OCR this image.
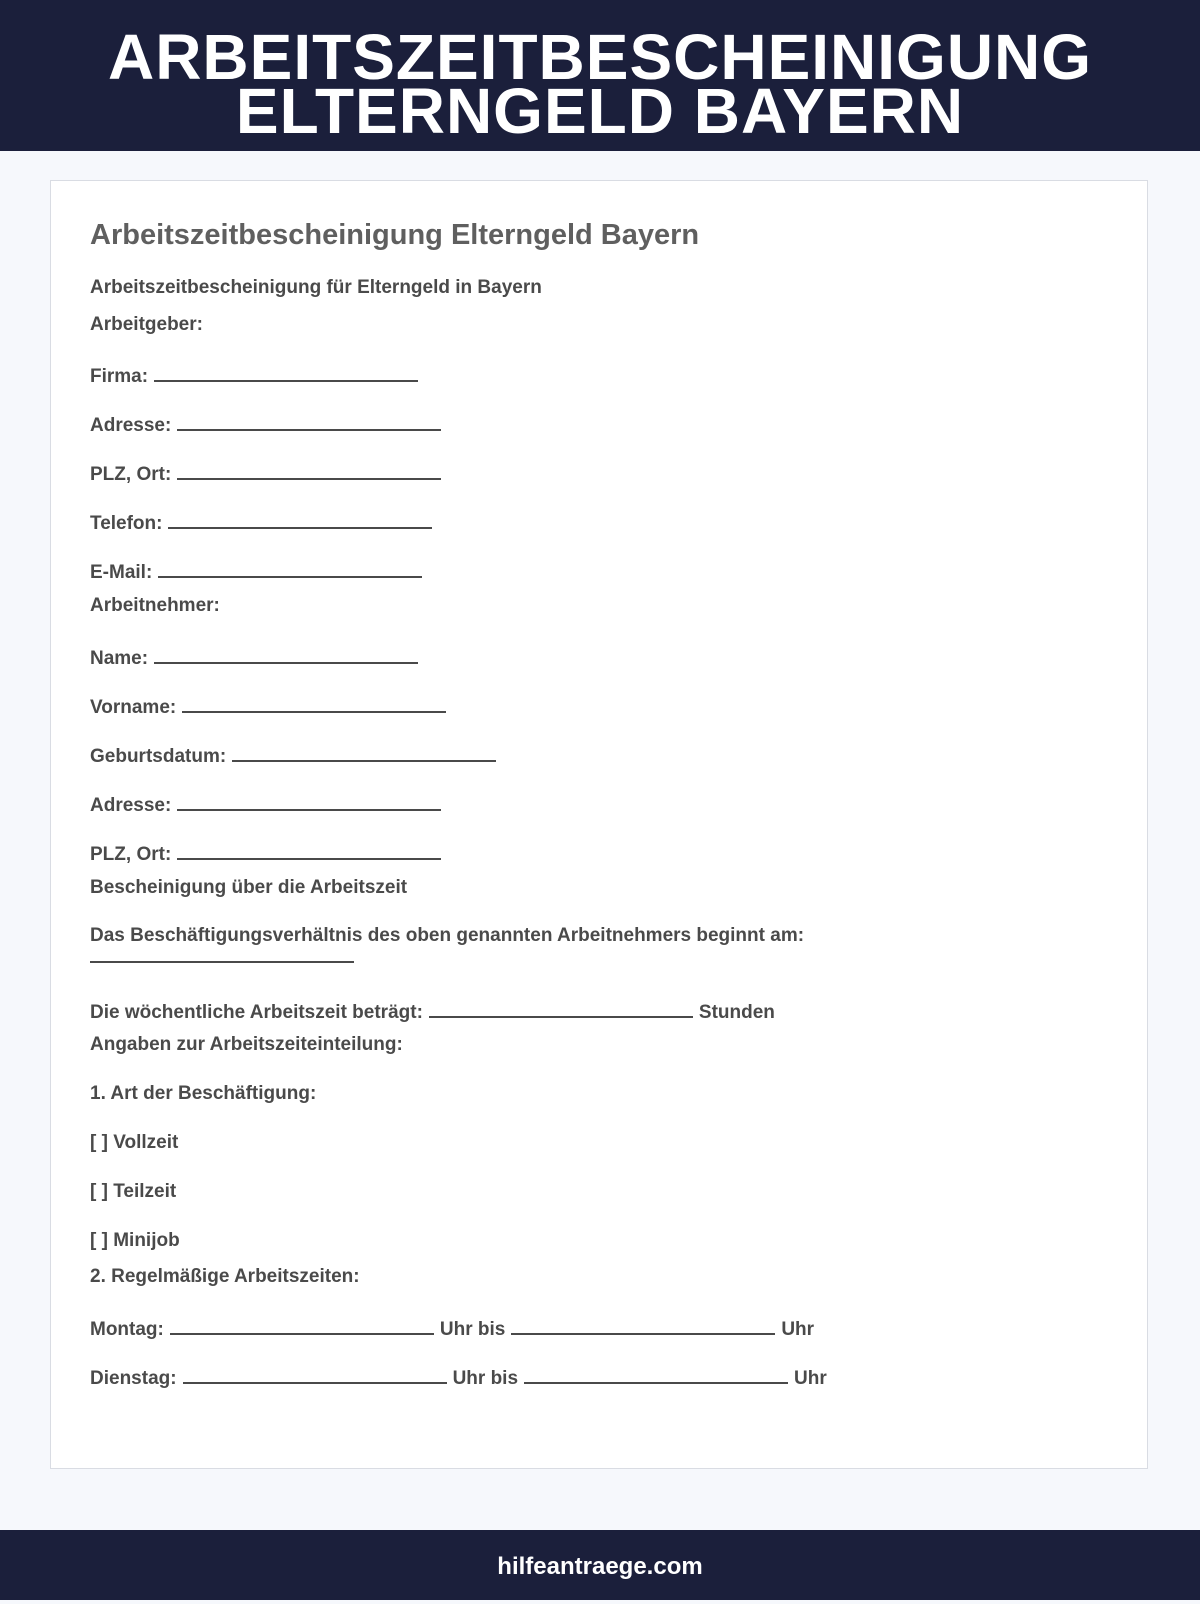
ARBEITSZEITBESCHEINIGUNG
ELTERNGELD BAYERN
Arbeitszeitbescheinigung Elterngeld Bayern
Arbeitszeitbescheinigung für Elterngeld in Bayern
Arbeitgeber:
Firma:
Adresse:
PLZ, Ort:
Telefon:
E-Mail:
Arbeitnehmer:
Name:
Vorname:
Geburtsdatum:
Adresse:
PLZ, Ort:
Bescheinigung über die Arbeitszeit
Das Beschäftigungsverhältnis des oben genannten Arbeitnehmers beginnt am:
Die wöchentliche Arbeitszeit beträgt:	Stunden
Angaben zur Arbeitszeiteinteilung:
1. Art der Beschäftigung:
[ ] Vollzeit
[ ] Teilzeit
[ ] Minijob
2. Regelmäßige Arbeitszeiten:
Montag:	Uhr bis	Uhr
Dienstag:	Uhr bis	Uhr
hilfeantraege.com
